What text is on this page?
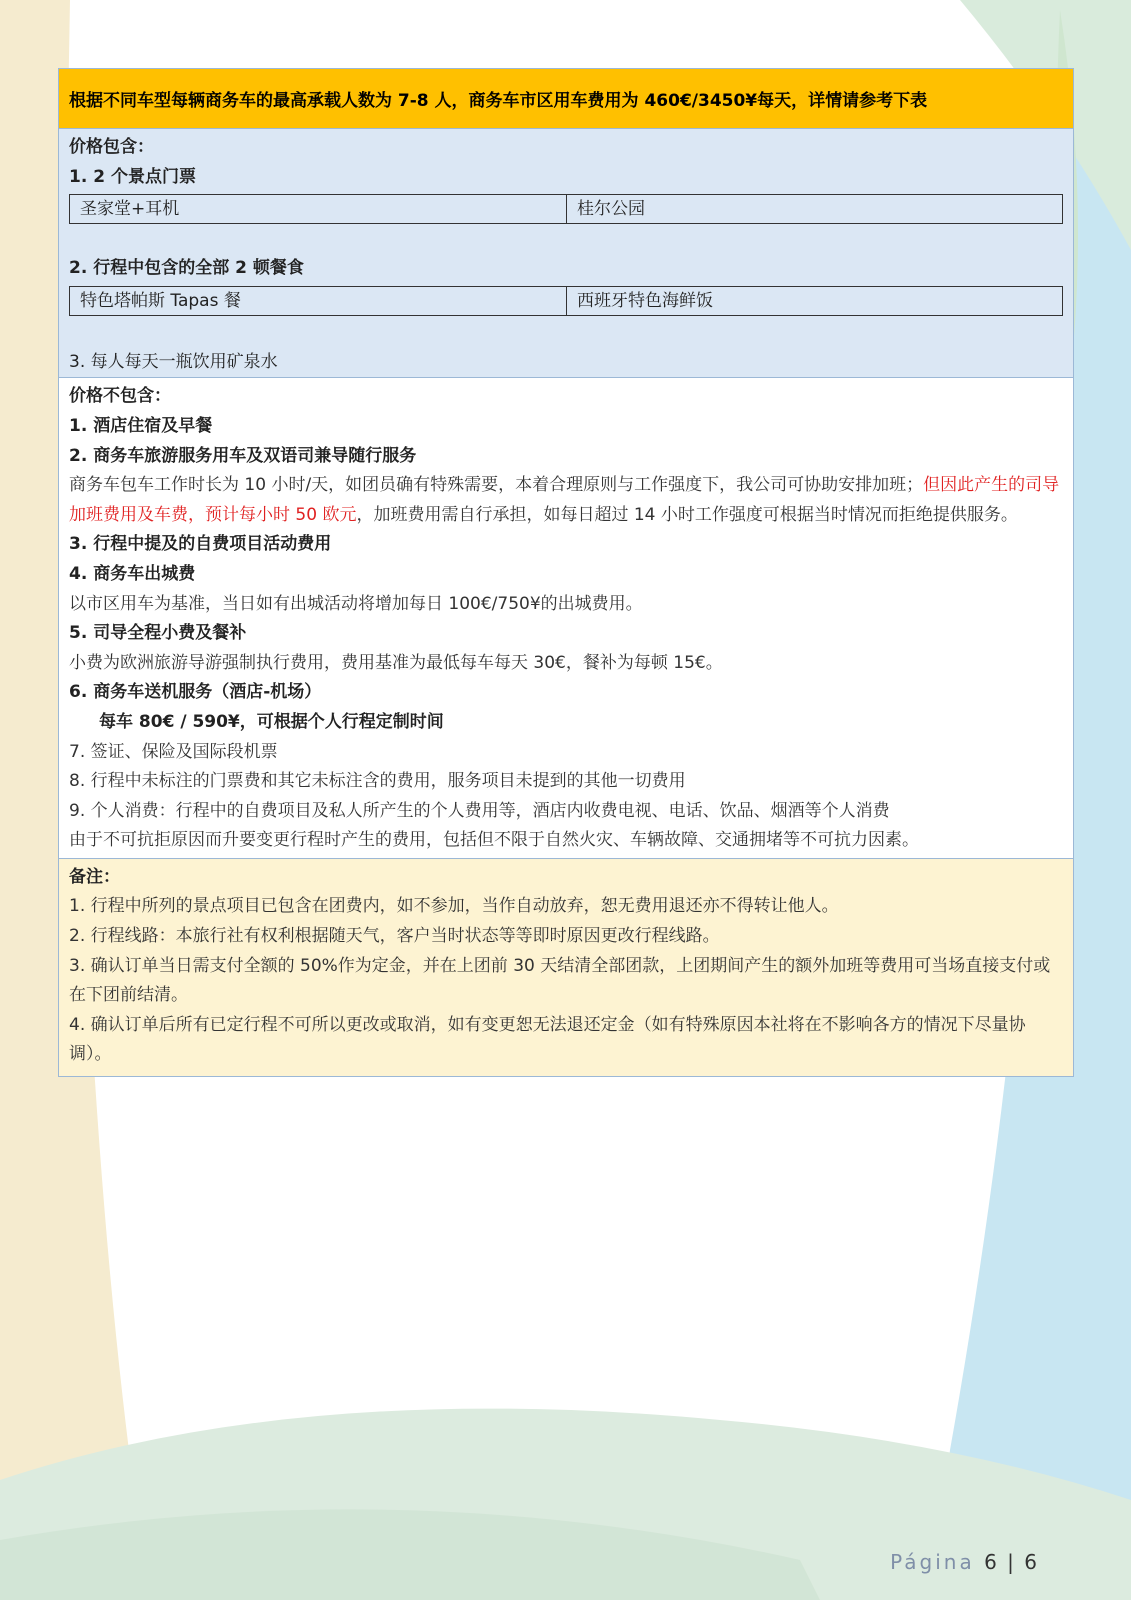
根据不同车型每辆商务车的最高承载人数为 7-8 人，商务车市区用车费用为 460€/3450¥每天，详情请参考下表

价格包含：

1. 2 个景点门票

圣家堂+耳机	桂尔公园

2. 行程中包含的全部 2 顿餐食

特色塔帕斯 Tapas 餐	西班牙特色海鲜饭

3. 每人每天一瓶饮用矿泉水

价格不包含：

1. 酒店住宿及早餐

2. 商务车旅游服务用车及双语司兼导随行服务

商务车包车工作时长为 10 小时/天，如团员确有特殊需要，本着合理原则与工作强度下，我公司可协助安排加班；但因此产生的司导加班费用及车费，预计每小时 50 欧元，加班费用需自行承担，如每日超过 14 小时工作强度可根据当时情况而拒绝提供服务。

3. 行程中提及的自费项目活动费用

4. 商务车出城费

以市区用车为基准，当日如有出城活动将增加每日 100€/750¥的出城费用。

5. 司导全程小费及餐补

小费为欧洲旅游导游强制执行费用，费用基准为最低每车每天 30€，餐补为每顿 15€。

6. 商务车送机服务（酒店-机场）

每车 80€ / 590¥，可根据个人行程定制时间

7. 签证、保险及国际段机票

8. 行程中未标注的门票费和其它未标注含的费用，服务项目未提到的其他一切费用

9. 个人消费：行程中的自费项目及私人所产生的个人费用等，酒店内收费电视、电话、饮品、烟酒等个人消费

由于不可抗拒原因而升要变更行程时产生的费用，包括但不限于自然火灾、车辆故障、交通拥堵等不可抗力因素。

备注：

1. 行程中所列的景点项目已包含在团费内，如不参加，当作自动放弃，恕无费用退还亦不得转让他人。

2. 行程线路：本旅行社有权利根据随天气，客户当时状态等等即时原因更改行程线路。

3. 确认订单当日需支付全额的 50%作为定金，并在上团前 30 天结清全部团款，上团期间产生的额外加班等费用可当场直接支付或在下团前结清。

4. 确认订单后所有已定行程不可所以更改或取消，如有变更恕无法退还定金（如有特殊原因本社将在不影响各方的情况下尽量协调）。

Página 6 | 6
